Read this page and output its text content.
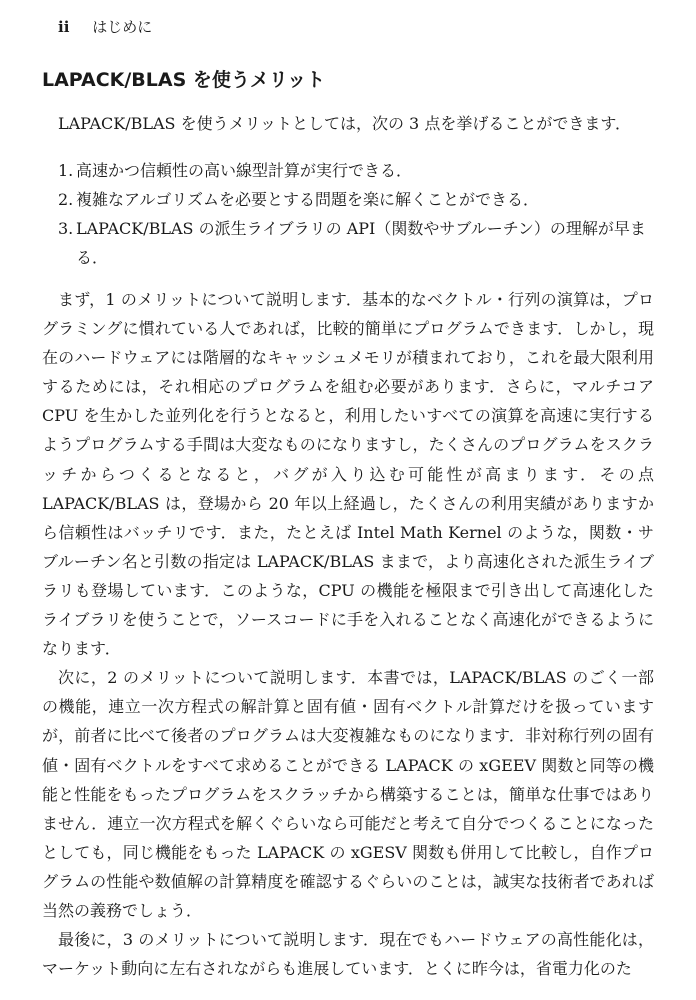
ii はじめに
LAPACK/BLAS を使うメリット

LAPACK/BLAS を使うメリットとしては，次の 3 点を挙げることができます．

1. 高速かつ信頼性の高い線型計算が実行できる．
2. 複雑なアルゴリズムを必要とする問題を楽に解くことができる．
3. LAPACK/BLAS の派生ライブラリの API（関数やサブルーチン）の理解が早まる．

まず，1 のメリットについて説明します．基本的なベクトル・行列の演算は，プログラミングに慣れている人であれば，比較的簡単にプログラムできます．しかし，現在のハードウェアには階層的なキャッシュメモリが積まれており，これを最大限利用するためには，それ相応のプログラムを組む必要があります．さらに，マルチコア CPU を生かした並列化を行うとなると，利用したいすべての演算を高速に実行するようプログラムする手間は大変なものになりますし，たくさんのプログラムをスクラッチからつくるとなると，バグが入り込む可能性が高まります．その点LAPACK/BLAS は，登場から 20 年以上経過し，たくさんの利用実績がありますから信頼性はバッチリです．また，たとえば Intel Math Kernel のような，関数・サブルーチン名と引数の指定は LAPACK/BLAS ままで，より高速化された派生ライブラリも登場しています．このような，CPU の機能を極限まで引き出して高速化したライブラリを使うことで，ソースコードに手を入れることなく高速化ができるようになります．

次に，2 のメリットについて説明します．本書では，LAPACK/BLAS のごく一部の機能，連立一次方程式の解計算と固有値・固有ベクトル計算だけを扱っていますが，前者に比べて後者のプログラムは大変複雑なものになります．非対称行列の固有値・固有ベクトルをすべて求めることができる LAPACK の xGEEV 関数と同等の機能と性能をもったプログラムをスクラッチから構築することは，簡単な仕事ではありません．連立一次方程式を解くぐらいなら可能だと考えて自分でつくることになったとしても，同じ機能をもった LAPACK の xGESV 関数も併用して比較し，自作プログラムの性能や数値解の計算精度を確認するぐらいのことは，誠実な技術者であれば当然の義務でしょう．

最後に，3 のメリットについて説明します．現在でもハードウェアの高性能化は，マーケット動向に左右されながらも進展しています．とくに昨今は，省電力化のた
